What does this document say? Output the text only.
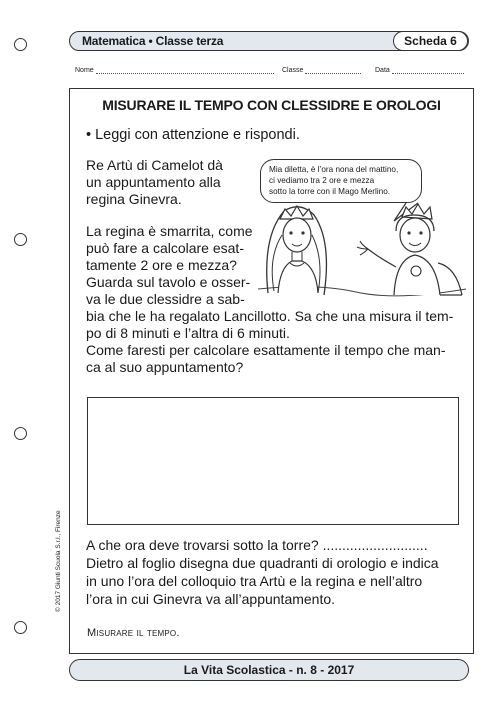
Matematica • Classe terza	Scheda 6
Nome	Classe	Data
© 2017 Giunti Scuola S.r.l., Firenze
MISURARE IL TEMPO CON CLESSIDRE E OROLOGI
• Leggi con attenzione e rispondi.
Re Artù di Camelot dà
un appuntamento alla
regina Ginevra.
La regina è smarrita, come
può fare a calcolare esat-
tamente 2 ore e mezza?
Guarda sul tavolo e osser-
va le due clessidre a sab-
bia che le ha regalato Lancillotto. Sa che una misura il tem-
po di 8 minuti e l’altra di 6 minuti.
Come faresti per calcolare esattamente il tempo che man-
ca al suo appuntamento?
Mia diletta, è l’ora nona del mattino,
ci vediamo tra 2 ore e mezza
sotto la torre con il Mago Merlino.
A che ora deve trovarsi sotto la torre? ...........................
Dietro al foglio disegna due quadranti di orologio e indica
in uno l’ora del colloquio tra Artù e la regina e nell’altro
l’ora in cui Ginevra va all’appuntamento.
Misurare il tempo.
La Vita Scolastica - n. 8 - 2017
